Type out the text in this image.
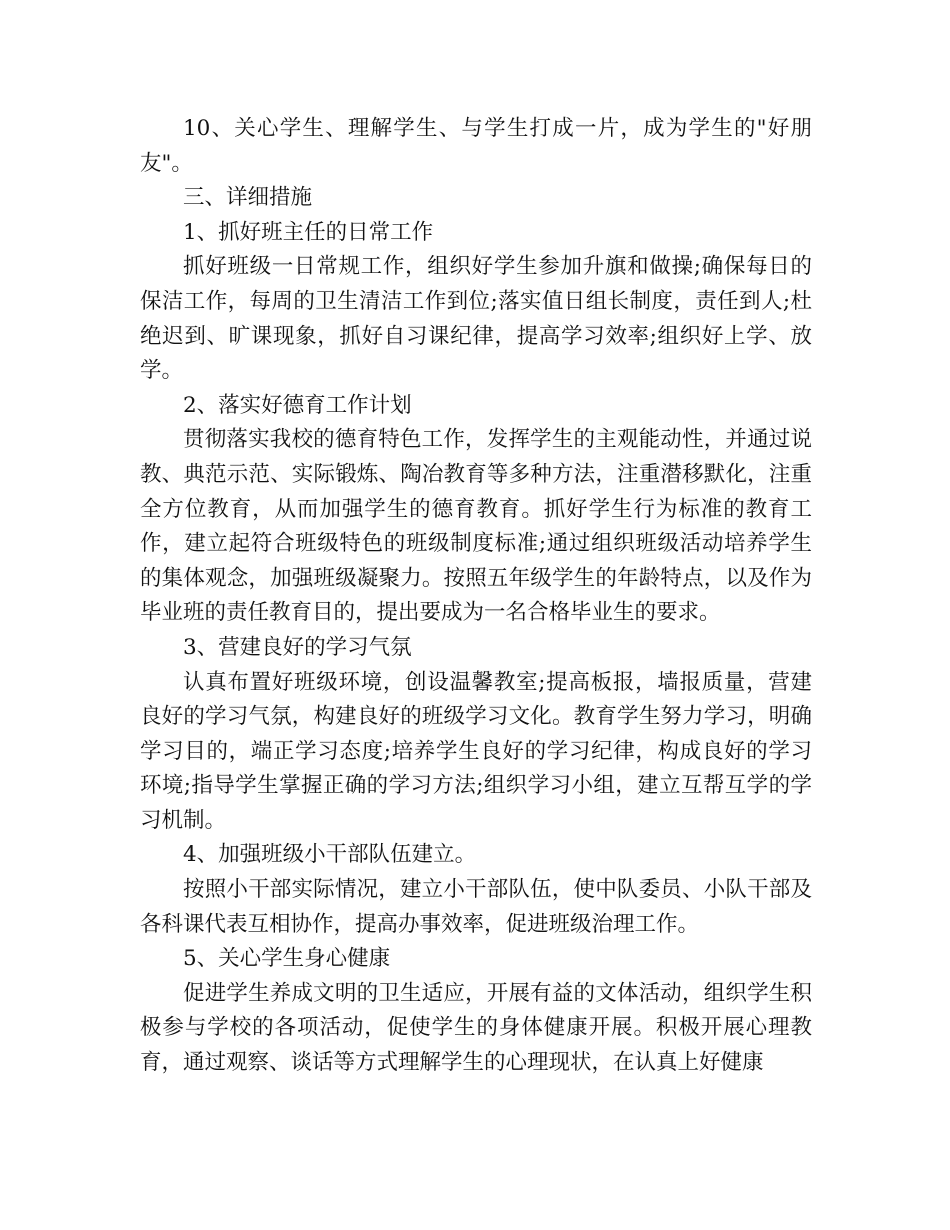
10、关心学生、理解学生、与学生打成一片，成为学生的"好朋友"。

三、详细措施

1、抓好班主任的日常工作

抓好班级一日常规工作，组织好学生参加升旗和做操;确保每日的保洁工作，每周的卫生清洁工作到位;落实值日组长制度，责任到人;杜绝迟到、旷课现象，抓好自习课纪律，提高学习效率;组织好上学、放学。

2、落实好德育工作计划

贯彻落实我校的德育特色工作，发挥学生的主观能动性，并通过说教、典范示范、实际锻炼、陶冶教育等多种方法，注重潜移默化，注重全方位教育，从而加强学生的德育教育。抓好学生行为标准的教育工作，建立起符合班级特色的班级制度标准;通过组织班级活动培养学生的集体观念，加强班级凝聚力。按照五年级学生的年龄特点，以及作为毕业班的责任教育目的，提出要成为一名合格毕业生的要求。

3、营建良好的学习气氛

认真布置好班级环境，创设温馨教室;提高板报，墙报质量，营建良好的学习气氛，构建良好的班级学习文化。教育学生努力学习，明确学习目的，端正学习态度;培养学生良好的学习纪律，构成良好的学习环境;指导学生掌握正确的学习方法;组织学习小组，建立互帮互学的学习机制。

4、加强班级小干部队伍建立。

按照小干部实际情况，建立小干部队伍，使中队委员、小队干部及各科课代表互相协作，提高办事效率，促进班级治理工作。

5、关心学生身心健康

促进学生养成文明的卫生适应，开展有益的文体活动，组织学生积极参与学校的各项活动，促使学生的身体健康开展。积极开展心理教育，通过观察、谈话等方式理解学生的心理现状，在认真上好健康
